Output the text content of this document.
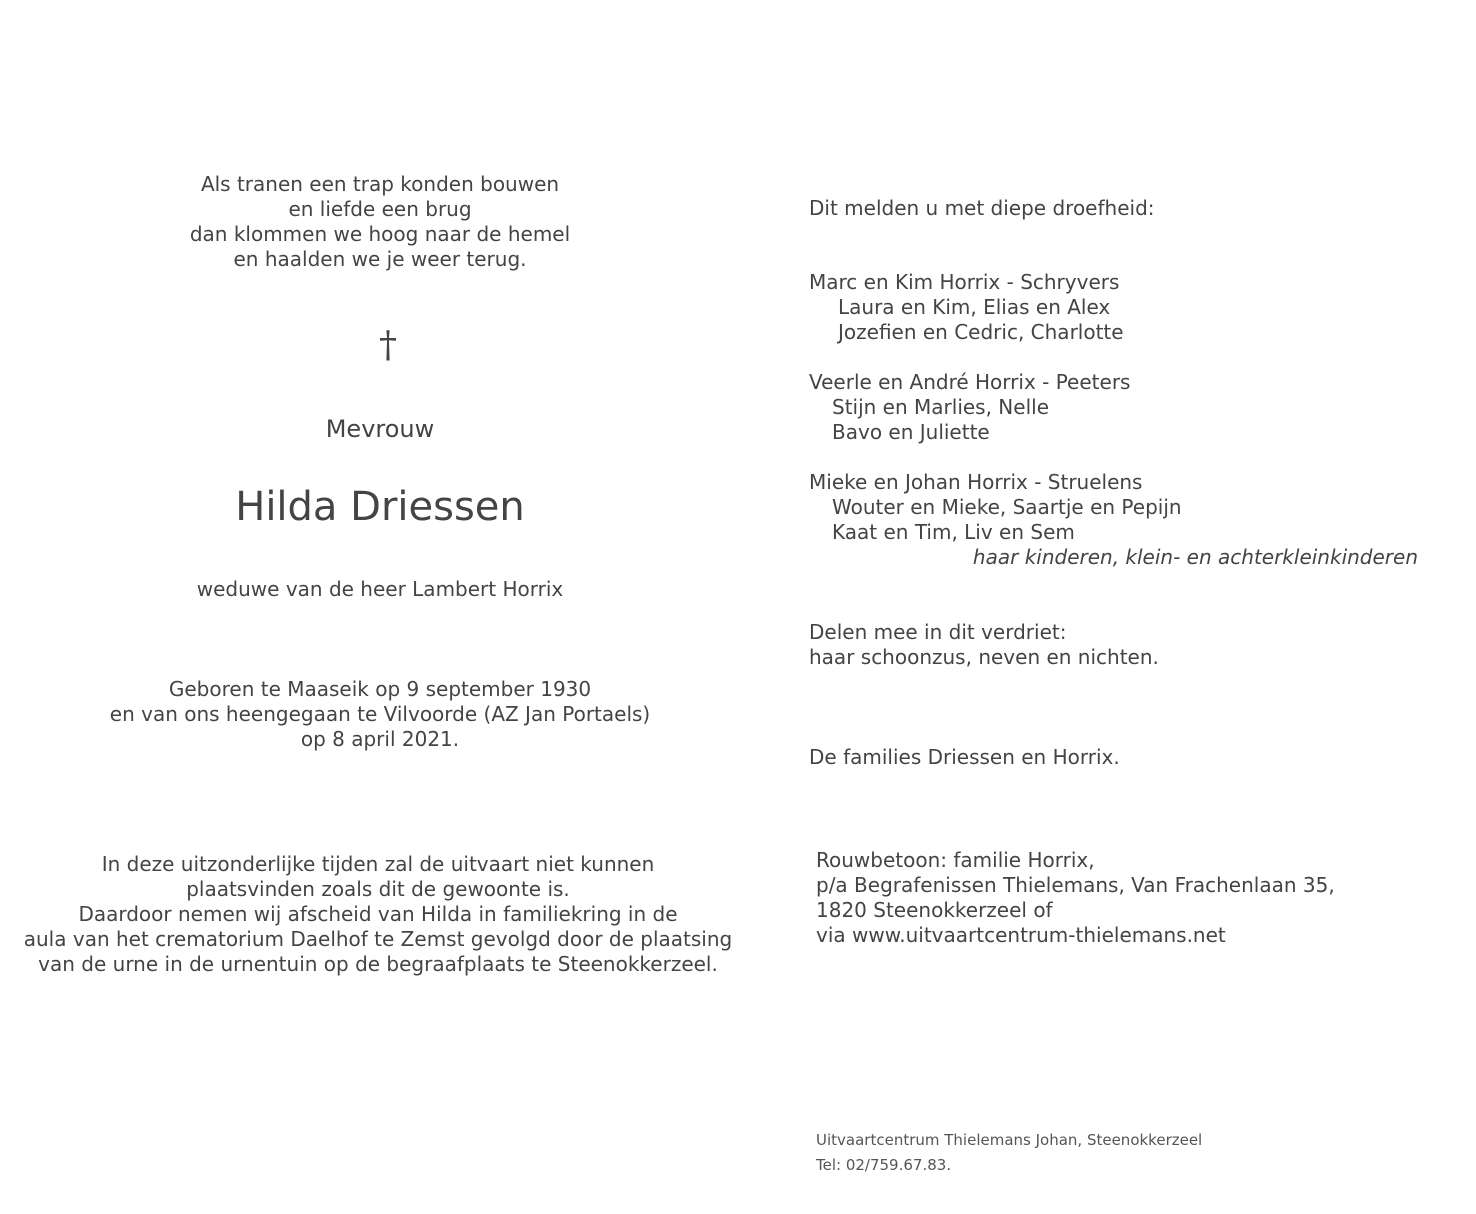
Als tranen een trap konden bouwen
en liefde een brug
dan klommen we hoog naar de hemel
en haalden we je weer terug.
†
Mevrouw
Hilda Driessen
weduwe van de heer Lambert Horrix
Geboren te Maaseik op 9 september 1930
en van ons heengegaan te Vilvoorde (AZ Jan Portaels)
op 8 april 2021.
In deze uitzonderlijke tijden zal de uitvaart niet kunnen
plaatsvinden zoals dit de gewoonte is.
Daardoor nemen wij afscheid van Hilda in familiekring in de
aula van het crematorium Daelhof te Zemst gevolgd door de plaatsing
van de urne in de urnentuin op de begraafplaats te Steenokkerzeel.
Dit melden u met diepe droefheid:
Marc en Kim Horrix - Schryvers
Laura en Kim, Elias en Alex
Jozefien en Cedric, Charlotte
Veerle en André Horrix - Peeters
Stijn en Marlies, Nelle
Bavo en Juliette
Mieke en Johan Horrix - Struelens
Wouter en Mieke, Saartje en Pepijn
Kaat en Tim, Liv en Sem
haar kinderen, klein- en achterkleinkinderen
Delen mee in dit verdriet:
haar schoonzus, neven en nichten.
De families Driessen en Horrix.
Rouwbetoon: familie Horrix,
p/a Begrafenissen Thielemans, Van Frachenlaan 35,
1820 Steenokkerzeel of
via www.uitvaartcentrum-thielemans.net
Uitvaartcentrum Thielemans Johan, Steenokkerzeel
Tel: 02/759.67.83.
